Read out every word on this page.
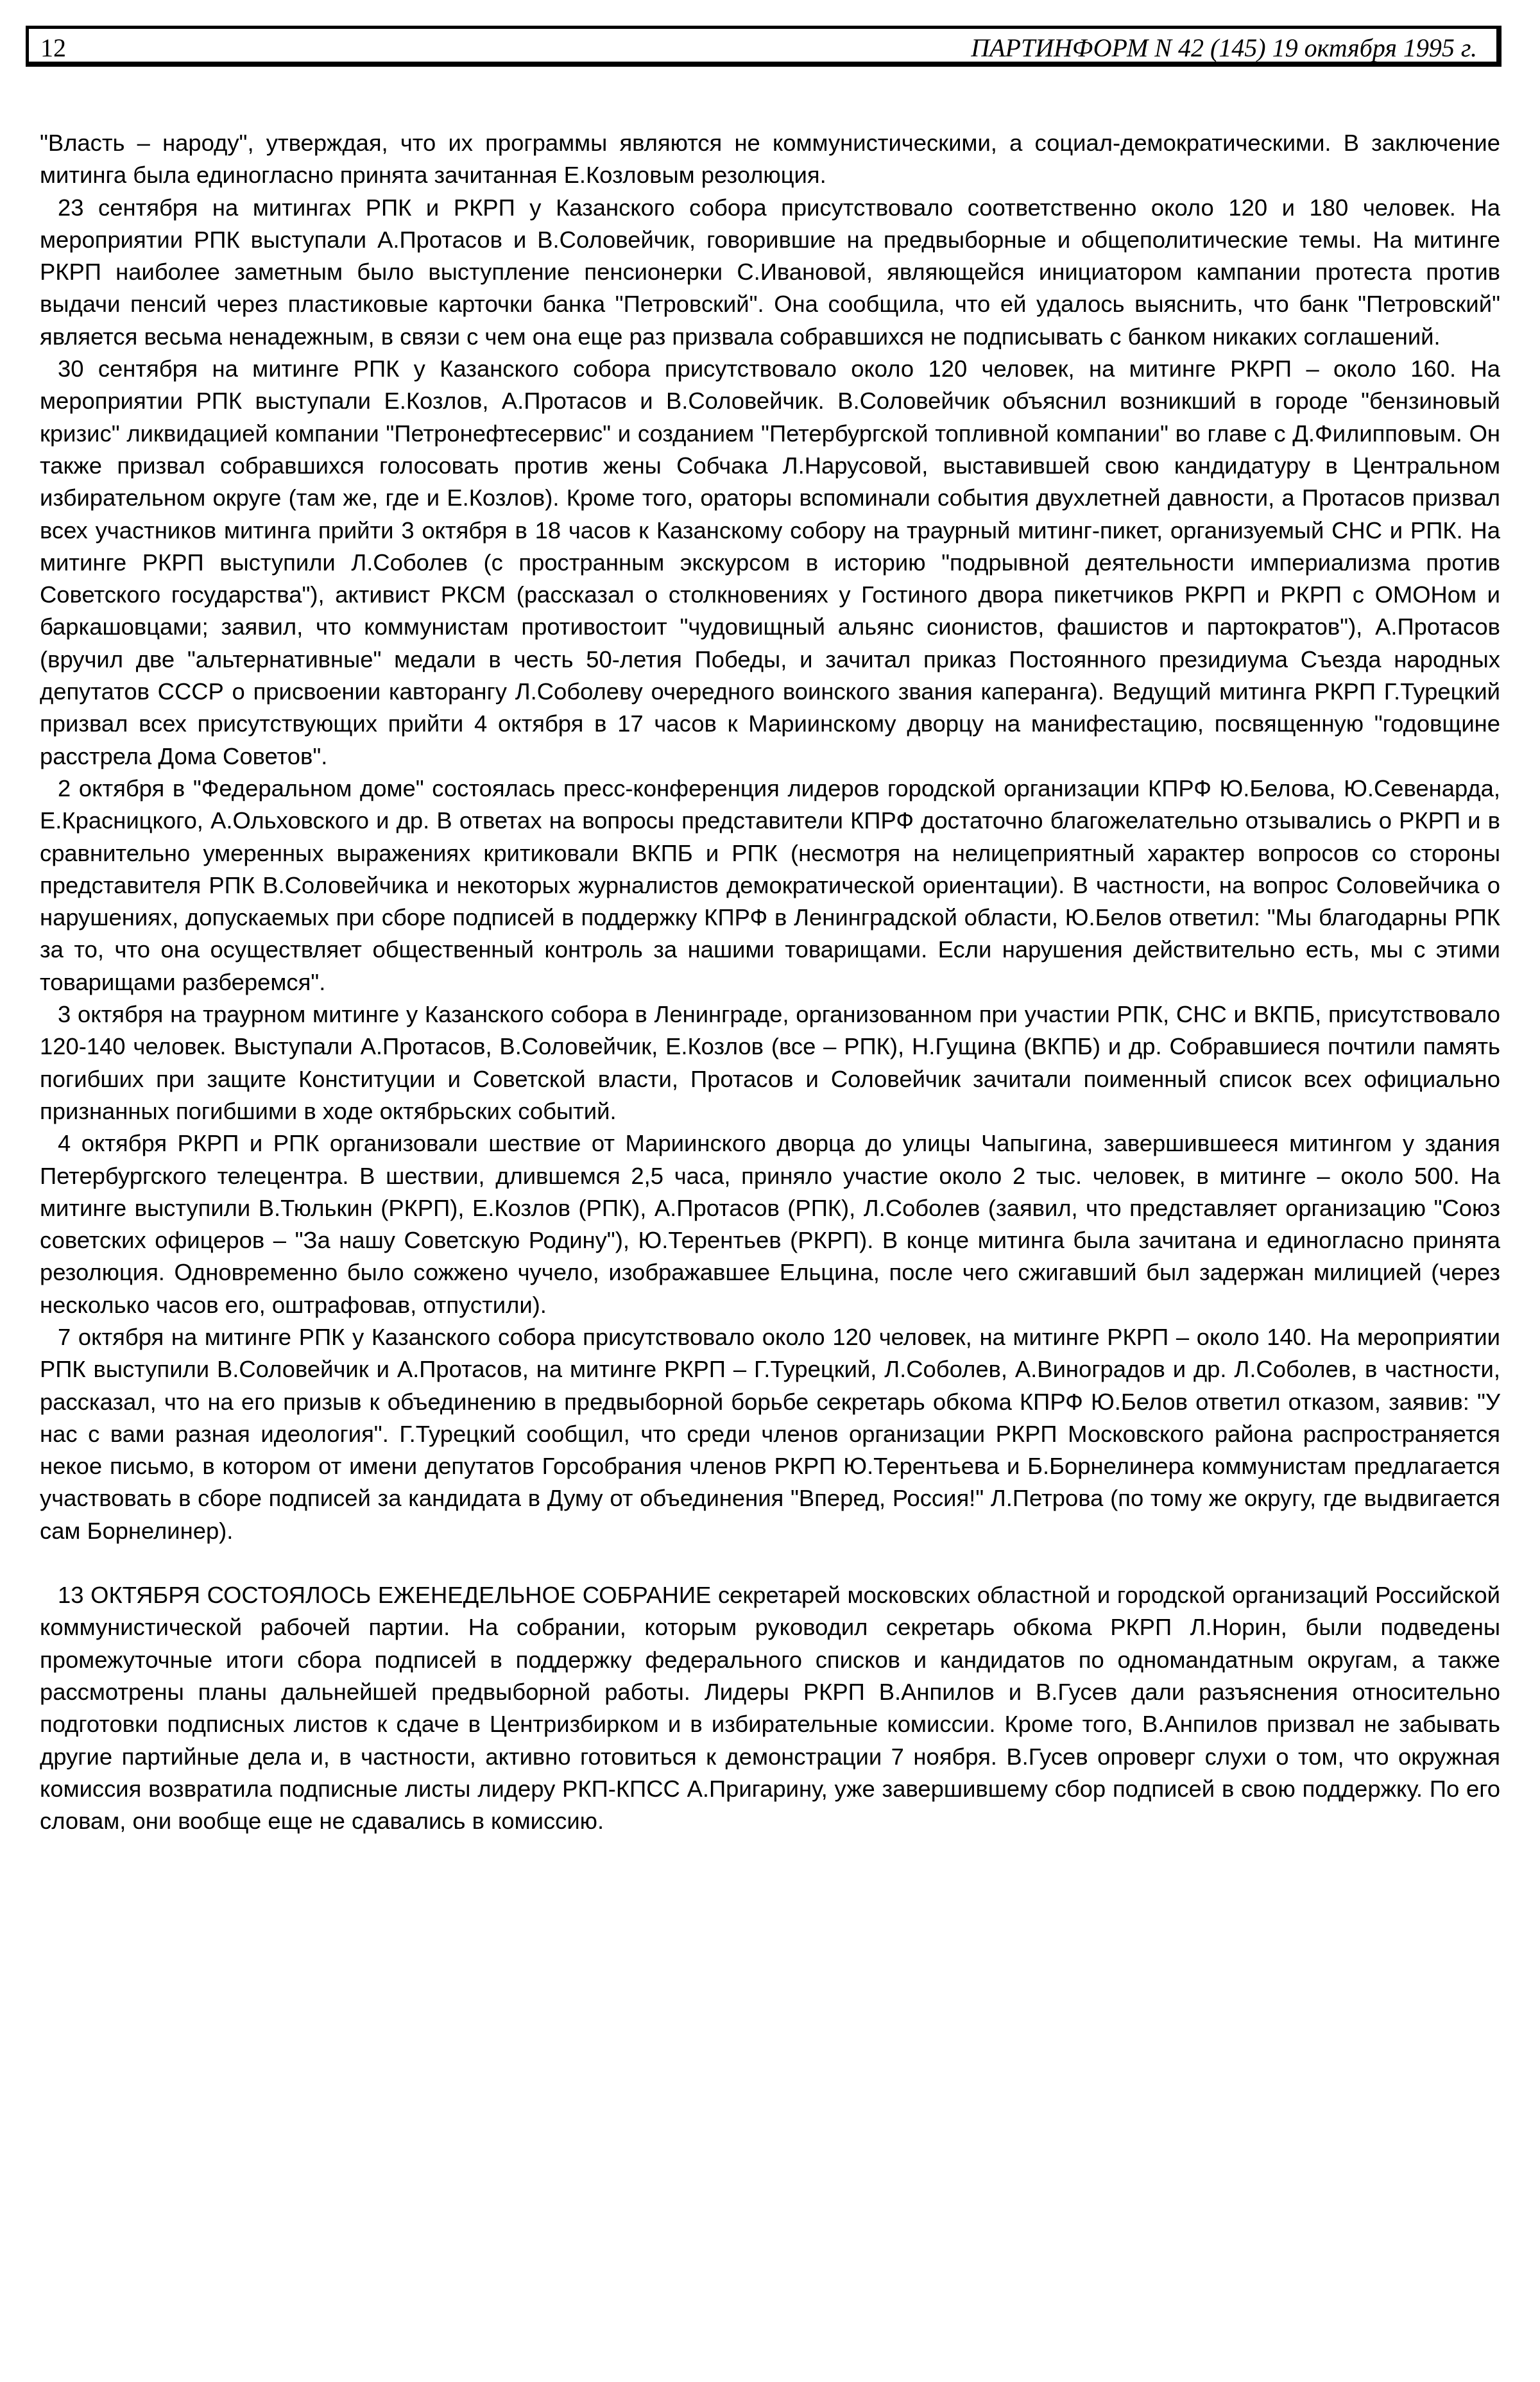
12	ПАРТИНФОРМ N 42 (145) 19 октября 1995 г.

"Власть – народу", утверждая, что их программы являются не коммунистическими, а социал-демократическими. В заключение митинга была единогласно принята зачитанная Е.Козловым резолюция.

23 сентября на митингах РПК и РКРП у Казанского собора присутствовало соответственно около 120 и 180 человек. На мероприятии РПК выступали А.Протасов и В.Соловейчик, говорившие на предвыборные и общеполитические темы. На митинге РКРП наиболее заметным было выступление пенсионерки С.Ивановой, являющейся инициатором кампании протеста против выдачи пенсий через пластиковые карточки банка "Петровский". Она сообщила, что ей удалось выяснить, что банк "Петровский" является весьма ненадежным, в связи с чем она еще раз призвала собравшихся не подписывать с банком никаких соглашений.

30 сентября на митинге РПК у Казанского собора присутствовало около 120 человек, на митинге РКРП – около 160. На мероприятии РПК выступали Е.Козлов, А.Протасов и В.Соловейчик. В.Соловейчик объяснил возникший в городе "бензиновый кризис" ликвидацией компании "Петронефтесервис" и созданием "Петербургской топливной компании" во главе с Д.Филипповым. Он также призвал собравшихся голосовать против жены Собчака Л.Нарусовой, выставившей свою кандидатуру в Центральном избирательном округе (там же, где и Е.Козлов). Кроме того, ораторы вспоминали события двухлетней давности, а Протасов призвал всех участников митинга прийти 3 октября в 18 часов к Казанскому собору на траурный митинг-пикет, организуемый СНС и РПК. На митинге РКРП выступили Л.Соболев (с пространным экскурсом в историю "подрывной деятельности империализма против Советского государства"), активист РКСМ (рассказал о столкновениях у Гостиного двора пикетчиков РКРП и РКРП с ОМОНом и баркашовцами; заявил, что коммунистам противостоит "чудовищный альянс сионистов, фашистов и партократов"), А.Протасов (вручил две "альтернативные" медали в честь 50-летия Победы, и зачитал приказ Постоянного президиума Съезда народных депутатов СССР о присвоении кавторангу Л.Соболеву очередного воинского звания каперанга). Ведущий митинга РКРП Г.Турецкий призвал всех присутствующих прийти 4 октября в 17 часов к Мариинскому дворцу на манифестацию, посвященную "годовщине расстрела Дома Советов".

2 октября в "Федеральном доме" состоялась пресс-конференция лидеров городской организации КПРФ Ю.Белова, Ю.Севенарда, Е.Красницкого, А.Ольховского и др. В ответах на вопросы представители КПРФ достаточно благожелательно отзывались о РКРП и в сравнительно умеренных выражениях критиковали ВКПБ и РПК (несмотря на нелицеприятный характер вопросов со стороны представителя РПК В.Соловейчика и некоторых журналистов демократической ориентации). В частности, на вопрос Соловейчика о нарушениях, допускаемых при сборе подписей в поддержку КПРФ в Ленинградской области, Ю.Белов ответил: "Мы благодарны РПК за то, что она осуществляет общественный контроль за нашими товарищами. Если нарушения действительно есть, мы с этими товарищами разберемся".

3 октября на траурном митинге у Казанского собора в Ленинграде, организованном при участии РПК, СНС и ВКПБ, присутствовало 120-140 человек. Выступали А.Протасов, В.Соловейчик, Е.Козлов (все – РПК), Н.Гущина (ВКПБ) и др. Собравшиеся почтили память погибших при защите Конституции и Советской власти, Протасов и Соловейчик зачитали поименный список всех официально признанных погибшими в ходе октябрьских событий.

4 октября РКРП и РПК организовали шествие от Мариинского дворца до улицы Чапыгина, завершившееся митингом у здания Петербургского телецентра. В шествии, длившемся 2,5 часа, приняло участие около 2 тыс. человек, в митинге – около 500. На митинге выступили В.Тюлькин (РКРП), Е.Козлов (РПК), А.Протасов (РПК), Л.Соболев (заявил, что представляет организацию "Союз советских офицеров – "За нашу Советскую Родину"), Ю.Терентьев (РКРП). В конце митинга была зачитана и единогласно принята резолюция. Одновременно было сожжено чучело, изображавшее Ельцина, после чего сжигавший был задержан милицией (через несколько часов его, оштрафовав, отпустили).

7 октября на митинге РПК у Казанского собора присутствовало около 120 человек, на митинге РКРП – около 140. На мероприятии РПК выступили В.Соловейчик и А.Протасов, на митинге РКРП – Г.Турецкий, Л.Соболев, А.Виноградов и др. Л.Соболев, в частности, рассказал, что на его призыв к объединению в предвыборной борьбе секретарь обкома КПРФ Ю.Белов ответил отказом, заявив: "У нас с вами разная идеология". Г.Турецкий сообщил, что среди членов организации РКРП Московского района распространяется некое письмо, в котором от имени депутатов Горсобрания членов РКРП Ю.Терентьева и Б.Борнелинера коммунистам предлагается участвовать в сборе подписей за кандидата в Думу от объединения "Вперед, Россия!" Л.Петрова (по тому же округу, где выдвигается сам Борнелинер).

13 ОКТЯБРЯ СОСТОЯЛОСЬ ЕЖЕНЕДЕЛЬНОЕ СОБРАНИЕ секретарей московских областной и городской организаций Российской коммунистической рабочей партии. На собрании, которым руководил секретарь обкома РКРП Л.Норин, были подведены промежуточные итоги сбора подписей в поддержку федерального списков и кандидатов по одномандатным округам, а также рассмотрены планы дальнейшей предвыборной работы. Лидеры РКРП В.Анпилов и В.Гусев дали разъяснения относительно подготовки подписных листов к сдаче в Центризбирком и в избирательные комиссии. Кроме того, В.Анпилов призвал не забывать другие партийные дела и, в частности, активно готовиться к демонстрации 7 ноября. В.Гусев опроверг слухи о том, что окружная комиссия возвратила подписные листы лидеру РКП-КПСС А.Пригарину, уже завершившему сбор подписей в свою поддержку. По его словам, они вообще еще не сдавались в комиссию.
